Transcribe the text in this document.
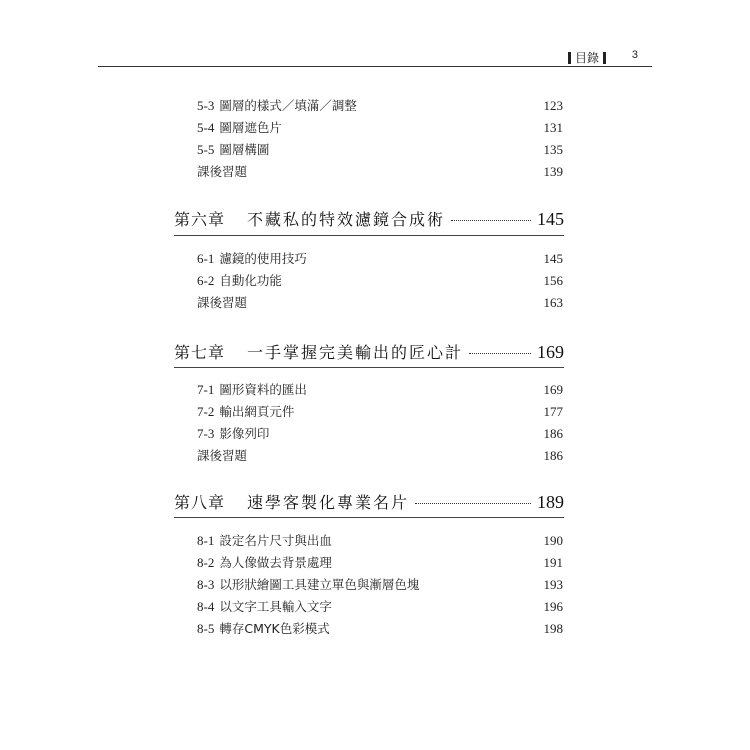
目錄	3
5-3 圖層的樣式／填滿／調整	123
5-4 圖層遮色片	131
5-5 圖層構圖	135
課後習題	139
第六章 不藏私的特效濾鏡合成術	145
6-1 濾鏡的使用技巧	145
6-2 自動化功能	156
課後習題	163
第七章 一手掌握完美輸出的匠心計	169
7-1 圖形資料的匯出	169
7-2 輸出網頁元件	177
7-3 影像列印	186
課後習題	186
第八章 速學客製化專業名片	189
8-1 設定名片尺寸與出血	190
8-2 為人像做去背景處理	191
8-3 以形狀繪圖工具建立單色與漸層色塊	193
8-4 以文字工具輸入文字	196
8-5 轉存CMYK色彩模式	198
